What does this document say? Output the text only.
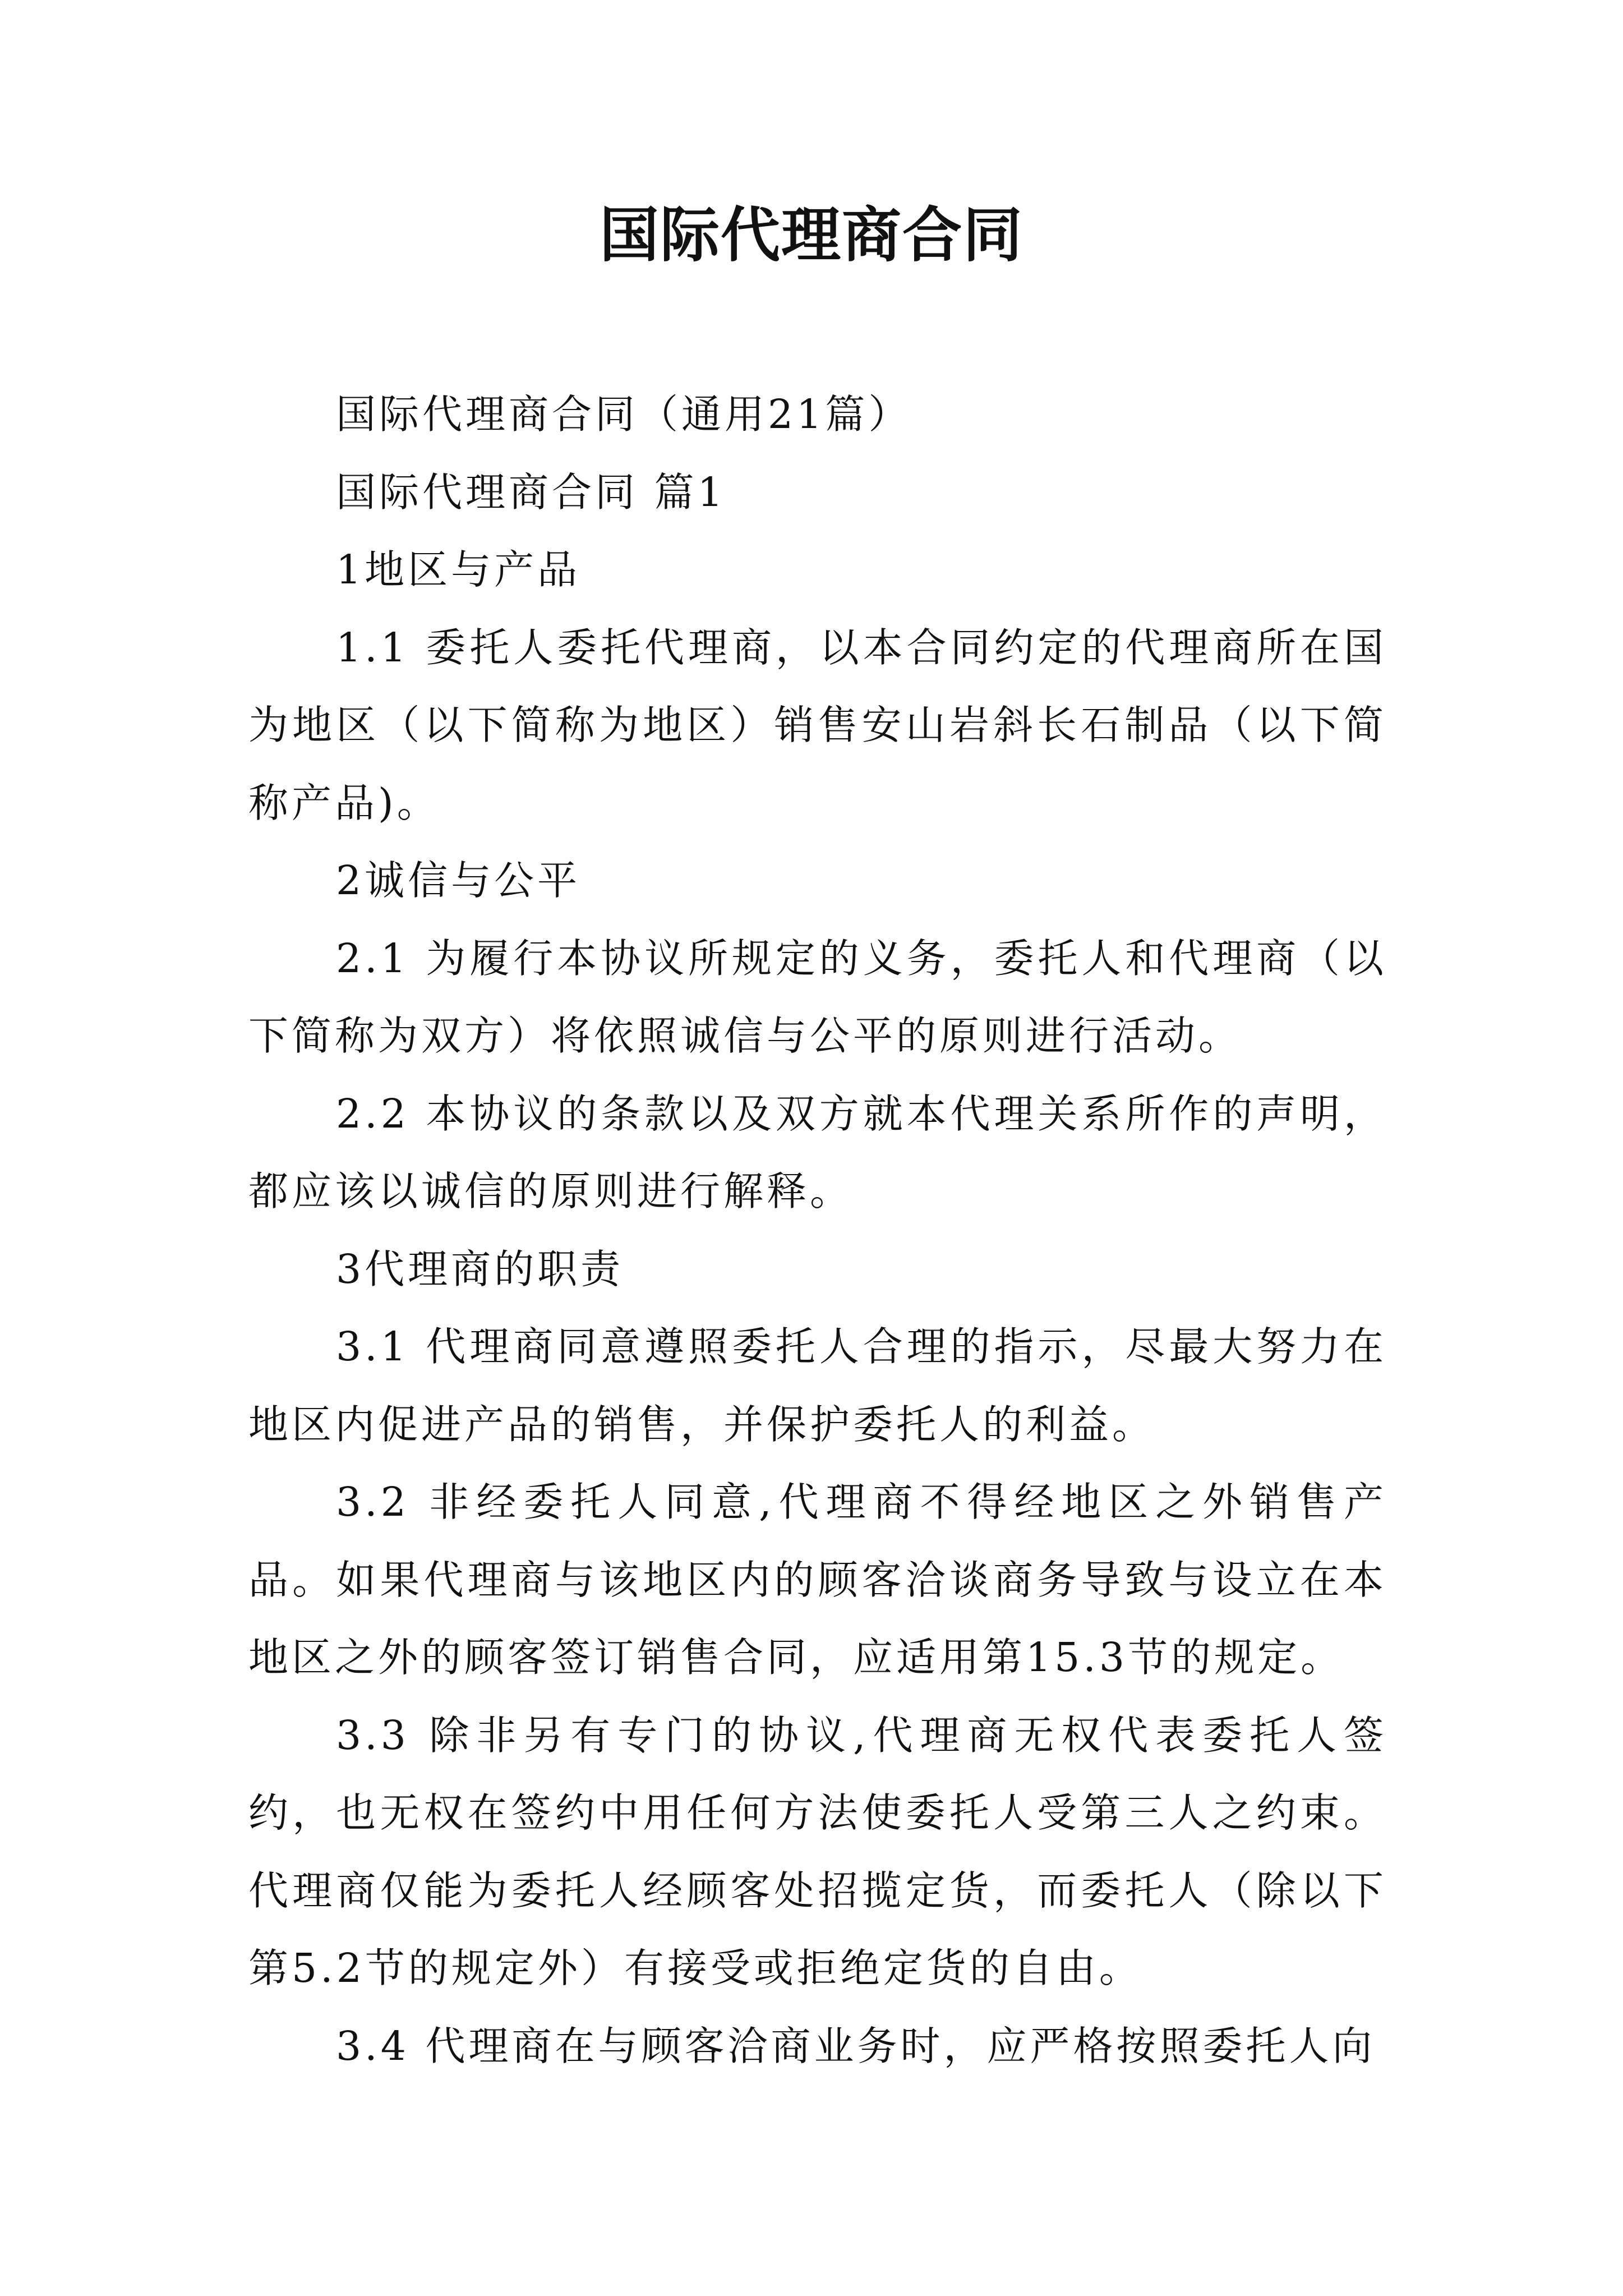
国际代理商合同

国际代理商合同（通用21篇）

国际代理商合同 篇1

1地区与产品

1.1 委托人委托代理商，以本合同约定的代理商所在国为地区（以下简称为地区）销售安山岩斜长石制品（以下简称产品)。

2诚信与公平

2.1 为履行本协议所规定的义务，委托人和代理商（以下简称为双方）将依照诚信与公平的原则进行活动。

2.2 本协议的条款以及双方就本代理关系所作的声明，都应该以诚信的原则进行解释。

3代理商的职责

3.1 代理商同意遵照委托人合理的指示，尽最大努力在地区内促进产品的销售，并保护委托人的利益。

3.2 非经委托人同意,代理商不得经地区之外销售产品。如果代理商与该地区内的顾客洽谈商务导致与设立在本地区之外的顾客签订销售合同，应适用第15.3节的规定。

3.3 除非另有专门的协议,代理商无权代表委托人签约，也无权在签约中用任何方法使委托人受第三人之约束。代理商仅能为委托人经顾客处招揽定货，而委托人（除以下第5.2节的规定外）有接受或拒绝定货的自由。

3.4 代理商在与顾客洽商业务时，应严格按照委托人向
